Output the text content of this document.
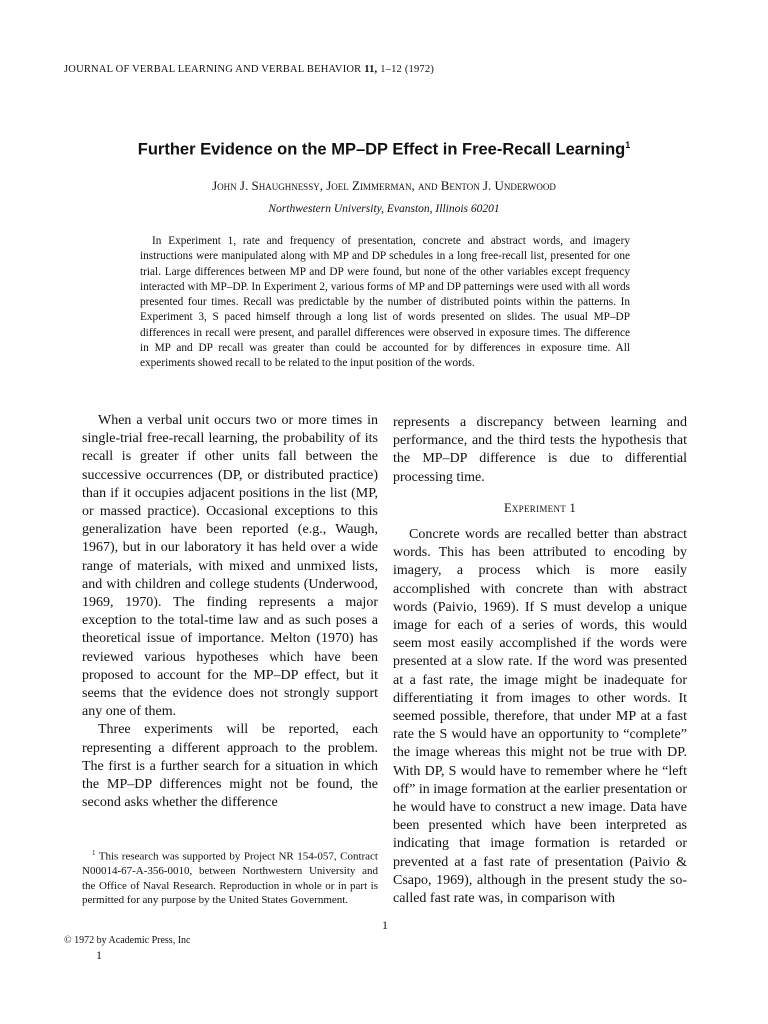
JOURNAL OF VERBAL LEARNING AND VERBAL BEHAVIOR 11, 1–12 (1972)
Further Evidence on the MP–DP Effect in Free-Recall Learning$^1$
John J. Shaughnessy, Joel Zimmerman, and Benton J. Underwood
Northwestern University, Evanston, Illinois 60201

In Experiment 1, rate and frequency of presentation, concrete and abstract words, and imagery instructions were manipulated along with MP and DP schedules in a long free-recall list, presented for one trial. Large differences between MP and DP were found, but none of the other variables except frequency interacted with MP–DP. In Experiment 2, various forms of MP and DP patternings were used with all words presented four times. Recall was predictable by the number of distributed points within the patterns. In Experiment 3, S paced himself through a long list of words presented on slides. The usual MP–DP differences in recall were present, and parallel differences were observed in exposure times. The difference in MP and DP recall was greater than could be accounted for by differences in exposure time. All experiments showed recall to be related to the input position of the words.

When a verbal unit occurs two or more times in single-trial free-recall learning, the probability of its recall is greater if other units fall between the successive occurrences (DP, or distributed practice) than if it occupies adjacent positions in the list (MP, or massed practice). Occasional exceptions to this generalization have been reported (e.g., Waugh, 1967), but in our laboratory it has held over a wide range of materials, with mixed and unmixed lists, and with children and college students (Underwood, 1969, 1970). The finding represents a major exception to the total-time law and as such poses a theoretical issue of importance. Melton (1970) has reviewed various hypotheses which have been proposed to account for the MP–DP effect, but it seems that the evidence does not strongly support any one of them.

Three experiments will be reported, each representing a different approach to the problem. The first is a further search for a situation in which the MP–DP differences might not be found, the second asks whether the difference

represents a discrepancy between learning and performance, and the third tests the hypothesis that the MP–DP difference is due to differential processing time.

Experiment 1

Concrete words are recalled better than abstract words. This has been attributed to encoding by imagery, a process which is more easily accomplished with concrete than with abstract words (Paivio, 1969). If S must develop a unique image for each of a series of words, this would seem most easily accomplished if the words were presented at a slow rate. If the word was presented at a fast rate, the image might be inadequate for differentiating it from images to other words. It seemed possible, therefore, that under MP at a fast rate the S would have an opportunity to “complete” the image whereas this might not be true with DP. With DP, S would have to remember where he “left off” in image formation at the earlier presentation or he would have to construct a new image. Data have been presented which have been interpreted as indicating that image formation is retarded or prevented at a fast rate of presentation (Paivio & Csapo, 1969), although in the present study the so-called fast rate was, in comparison with

$^1$ This research was supported by Project NR 154-057, Contract N00014-67-A-356-0010, between Northwestern University and the Office of Naval Research. Reproduction in whole or in part is permitted for any purpose by the United States Government.

1
© 1972 by Academic Press, Inc
1
